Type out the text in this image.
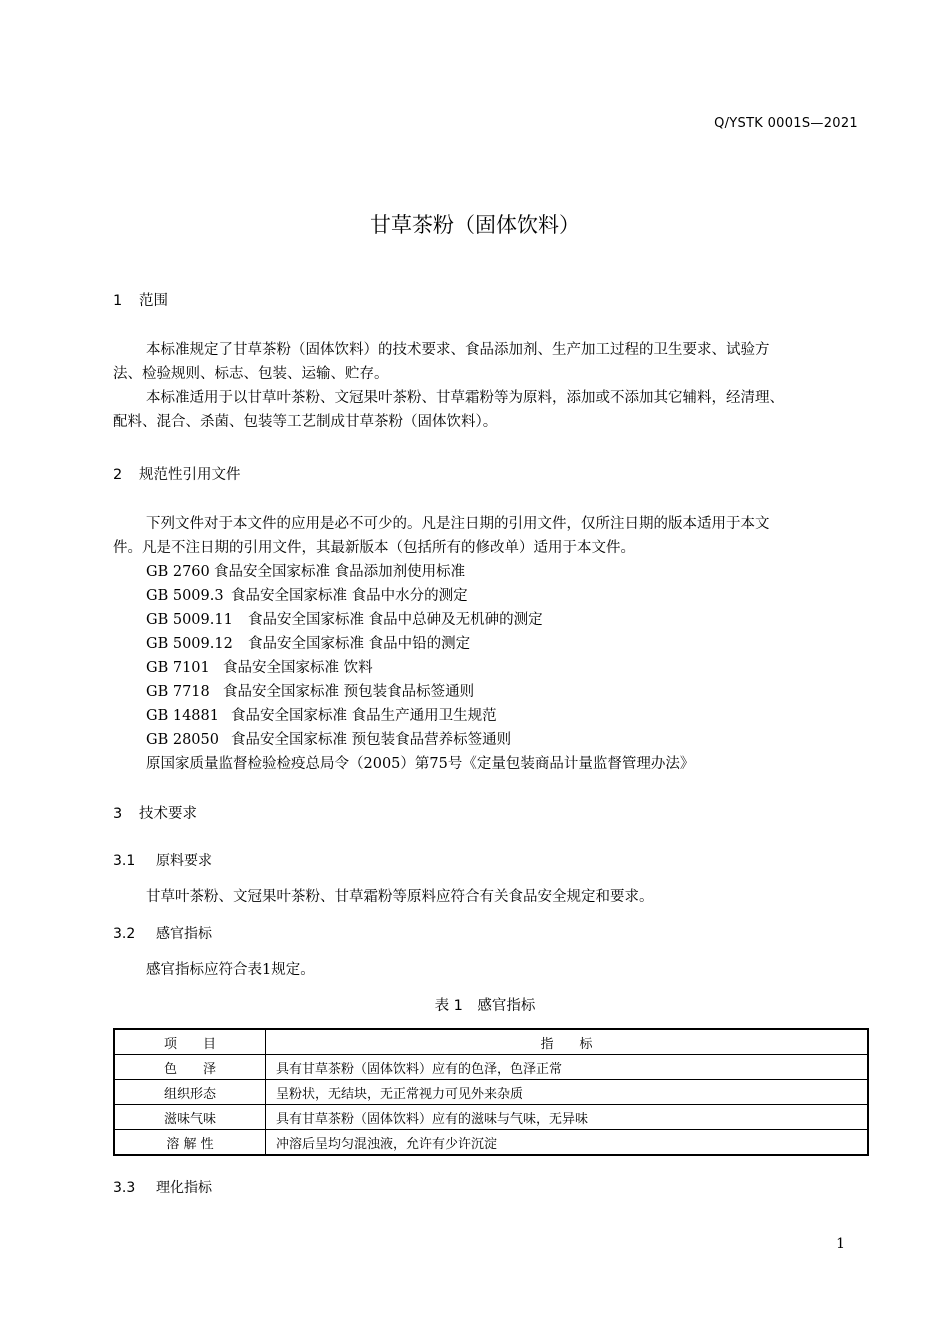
Q/YSTK 0001S—2021
甘草茶粉（固体饮料）
1 范围
本标准规定了甘草茶粉（固体饮料）的技术要求、食品添加剂、生产加工过程的卫生要求、试验方
法、检验规则、标志、包装、运输、贮存。
本标准适用于以甘草叶茶粉、文冠果叶茶粉、甘草霜粉等为原料，添加或不添加其它辅料，经清理、
配料、混合、杀菌、包装等工艺制成甘草茶粉（固体饮料）。
2 规范性引用文件
下列文件对于本文件的应用是必不可少的。凡是注日期的引用文件，仅所注日期的版本适用于本文
件。凡是不注日期的引用文件，其最新版本（包括所有的修改单）适用于本文件。
GB 2760 食品安全国家标准 食品添加剂使用标准
GB 5009.3 食品安全国家标准 食品中水分的测定
GB 5009.11 食品安全国家标准 食品中总砷及无机砷的测定
GB 5009.12 食品安全国家标准 食品中铅的测定
GB 7101 食品安全国家标准 饮料
GB 7718 食品安全国家标准 预包装食品标签通则
GB 14881 食品安全国家标准 食品生产通用卫生规范
GB 28050 食品安全国家标准 预包装食品营养标签通则
原国家质量监督检验检疫总局令（2005）第75号《定量包装商品计量监督管理办法》
3 技术要求
3.1 原料要求
甘草叶茶粉、文冠果叶茶粉、甘草霜粉等原料应符合有关食品安全规定和要求。
3.2 感官指标
感官指标应符合表1规定。
表 1　感官指标
项　　目	指　　标
色　　泽	具有甘草茶粉（固体饮料）应有的色泽，色泽正常
组织形态	呈粉状，无结块，无正常视力可见外来杂质
滋味气味	具有甘草茶粉（固体饮料）应有的滋味与气味，无异味
溶 解 性	冲溶后呈均匀混浊液，允许有少许沉淀
3.3 理化指标
1
